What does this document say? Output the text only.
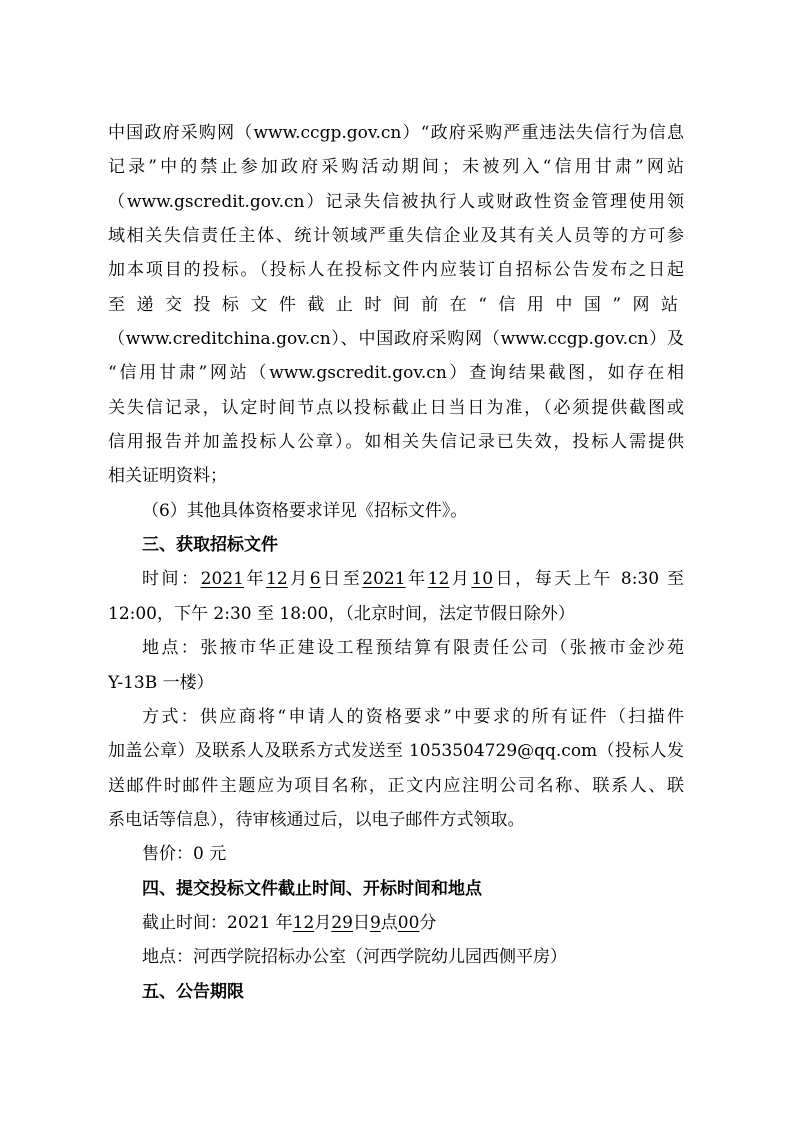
中国政府采购网（www.ccgp.gov.cn）“政府采购严重违法失信行为信息
记录”中的禁止参加政府采购活动期间；未被列入“信用甘肃”网站
（www.gscredit.gov.cn）记录失信被执行人或财政性资金管理使用领
域相关失信责任主体、统计领域严重失信企业及其有关人员等的方可参
加本项目的投标。（投标人在投标文件内应装订自招标公告发布之日起
至递交投标文件截止时间前在“信用中国”网站
（www.creditchina.gov.cn）、中国政府采购网（www.ccgp.gov.cn）及
“信用甘肃”网站（www.gscredit.gov.cn）查询结果截图，如存在相
关失信记录，认定时间节点以投标截止日当日为准，（必须提供截图或
信用报告并加盖投标人公章）。如相关失信记录已失效，投标人需提供
相关证明资料；
（6）其他具体资格要求详见《招标文件》。
三、获取招标文件
时间：2021年12月6日至2021年12月10日，每天上午 8:30 至
12:00，下午 2:30 至 18:00，（北京时间，法定节假日除外）
地点：张掖市华正建设工程预结算有限责任公司（张掖市金沙苑
Y-13B 一楼）
方式：供应商将“申请人的资格要求”中要求的所有证件（扫描件
加盖公章）及联系人及联系方式发送至 1053504729@qq.com（投标人发
送邮件时邮件主题应为项目名称，正文内应注明公司名称、联系人、联
系电话等信息），待审核通过后，以电子邮件方式领取。
售价：0 元
四、提交投标文件截止时间、开标时间和地点
截止时间：2021 年12月29日9点00分
地点：河西学院招标办公室（河西学院幼儿园西侧平房）
五、公告期限
